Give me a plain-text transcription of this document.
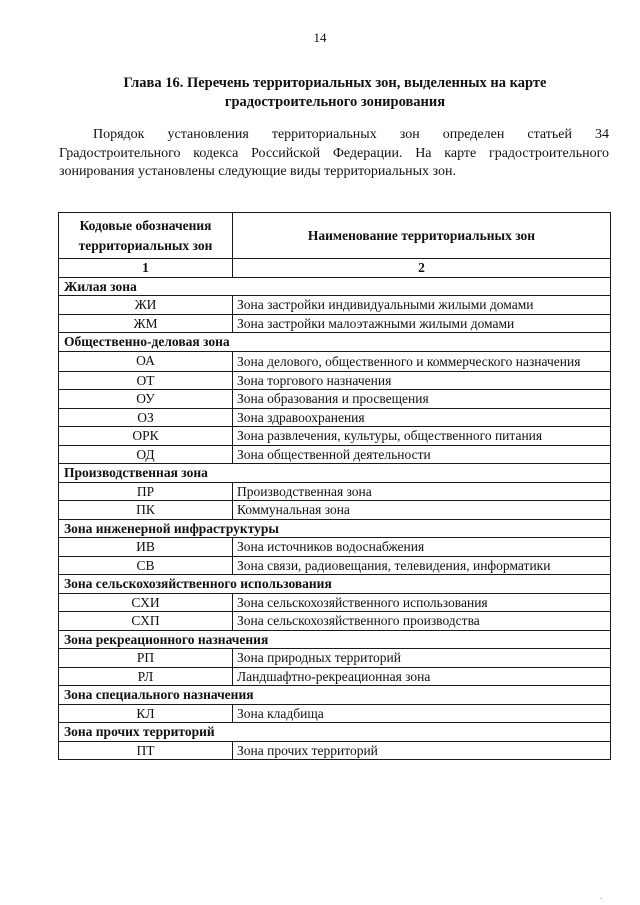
14
Глава 16. Перечень территориальных зон, выделенных на карте градостроительного зонирования

Порядок установления территориальных зон определен статьей 34 Градостроительного кодекса Российской Федерации. На карте градостроительного зонирования установлены следующие виды территориальных зон.

Кодовые обозначения территориальных зон	Наименование территориальных зон
1	2
Жилая зона	
ЖИ	Зона застройки индивидуальными жилыми домами
ЖМ	Зона застройки малоэтажными жилыми домами
Общественно-деловая зона	
ОА	Зона делового, общественного и коммерческого назначения
ОТ	Зона торгового назначения
ОУ	Зона образования и просвещения
ОЗ	Зона здравоохранения
ОРК	Зона развлечения, культуры, общественного питания
ОД	Зона общественной деятельности
Производственная зона	
ПР	Производственная зона
ПК	Коммунальная зона
Зона инженерной инфраструктуры	
ИВ	Зона источников водоснабжения
СВ	Зона связи, радиовещания, телевидения, информатики
Зона сельскохозяйственного использования	
СХИ	Зона сельскохозяйственного использования
СХП	Зона сельскохозяйственного производства
Зона рекреационного назначения	
РП	Зона природных территорий
РЛ	Ландшафтно-рекреационная зона
Зона специального назначения	
КЛ	Зона кладбища
Зона прочих территорий	
ПТ	Зона прочих территорий
.
